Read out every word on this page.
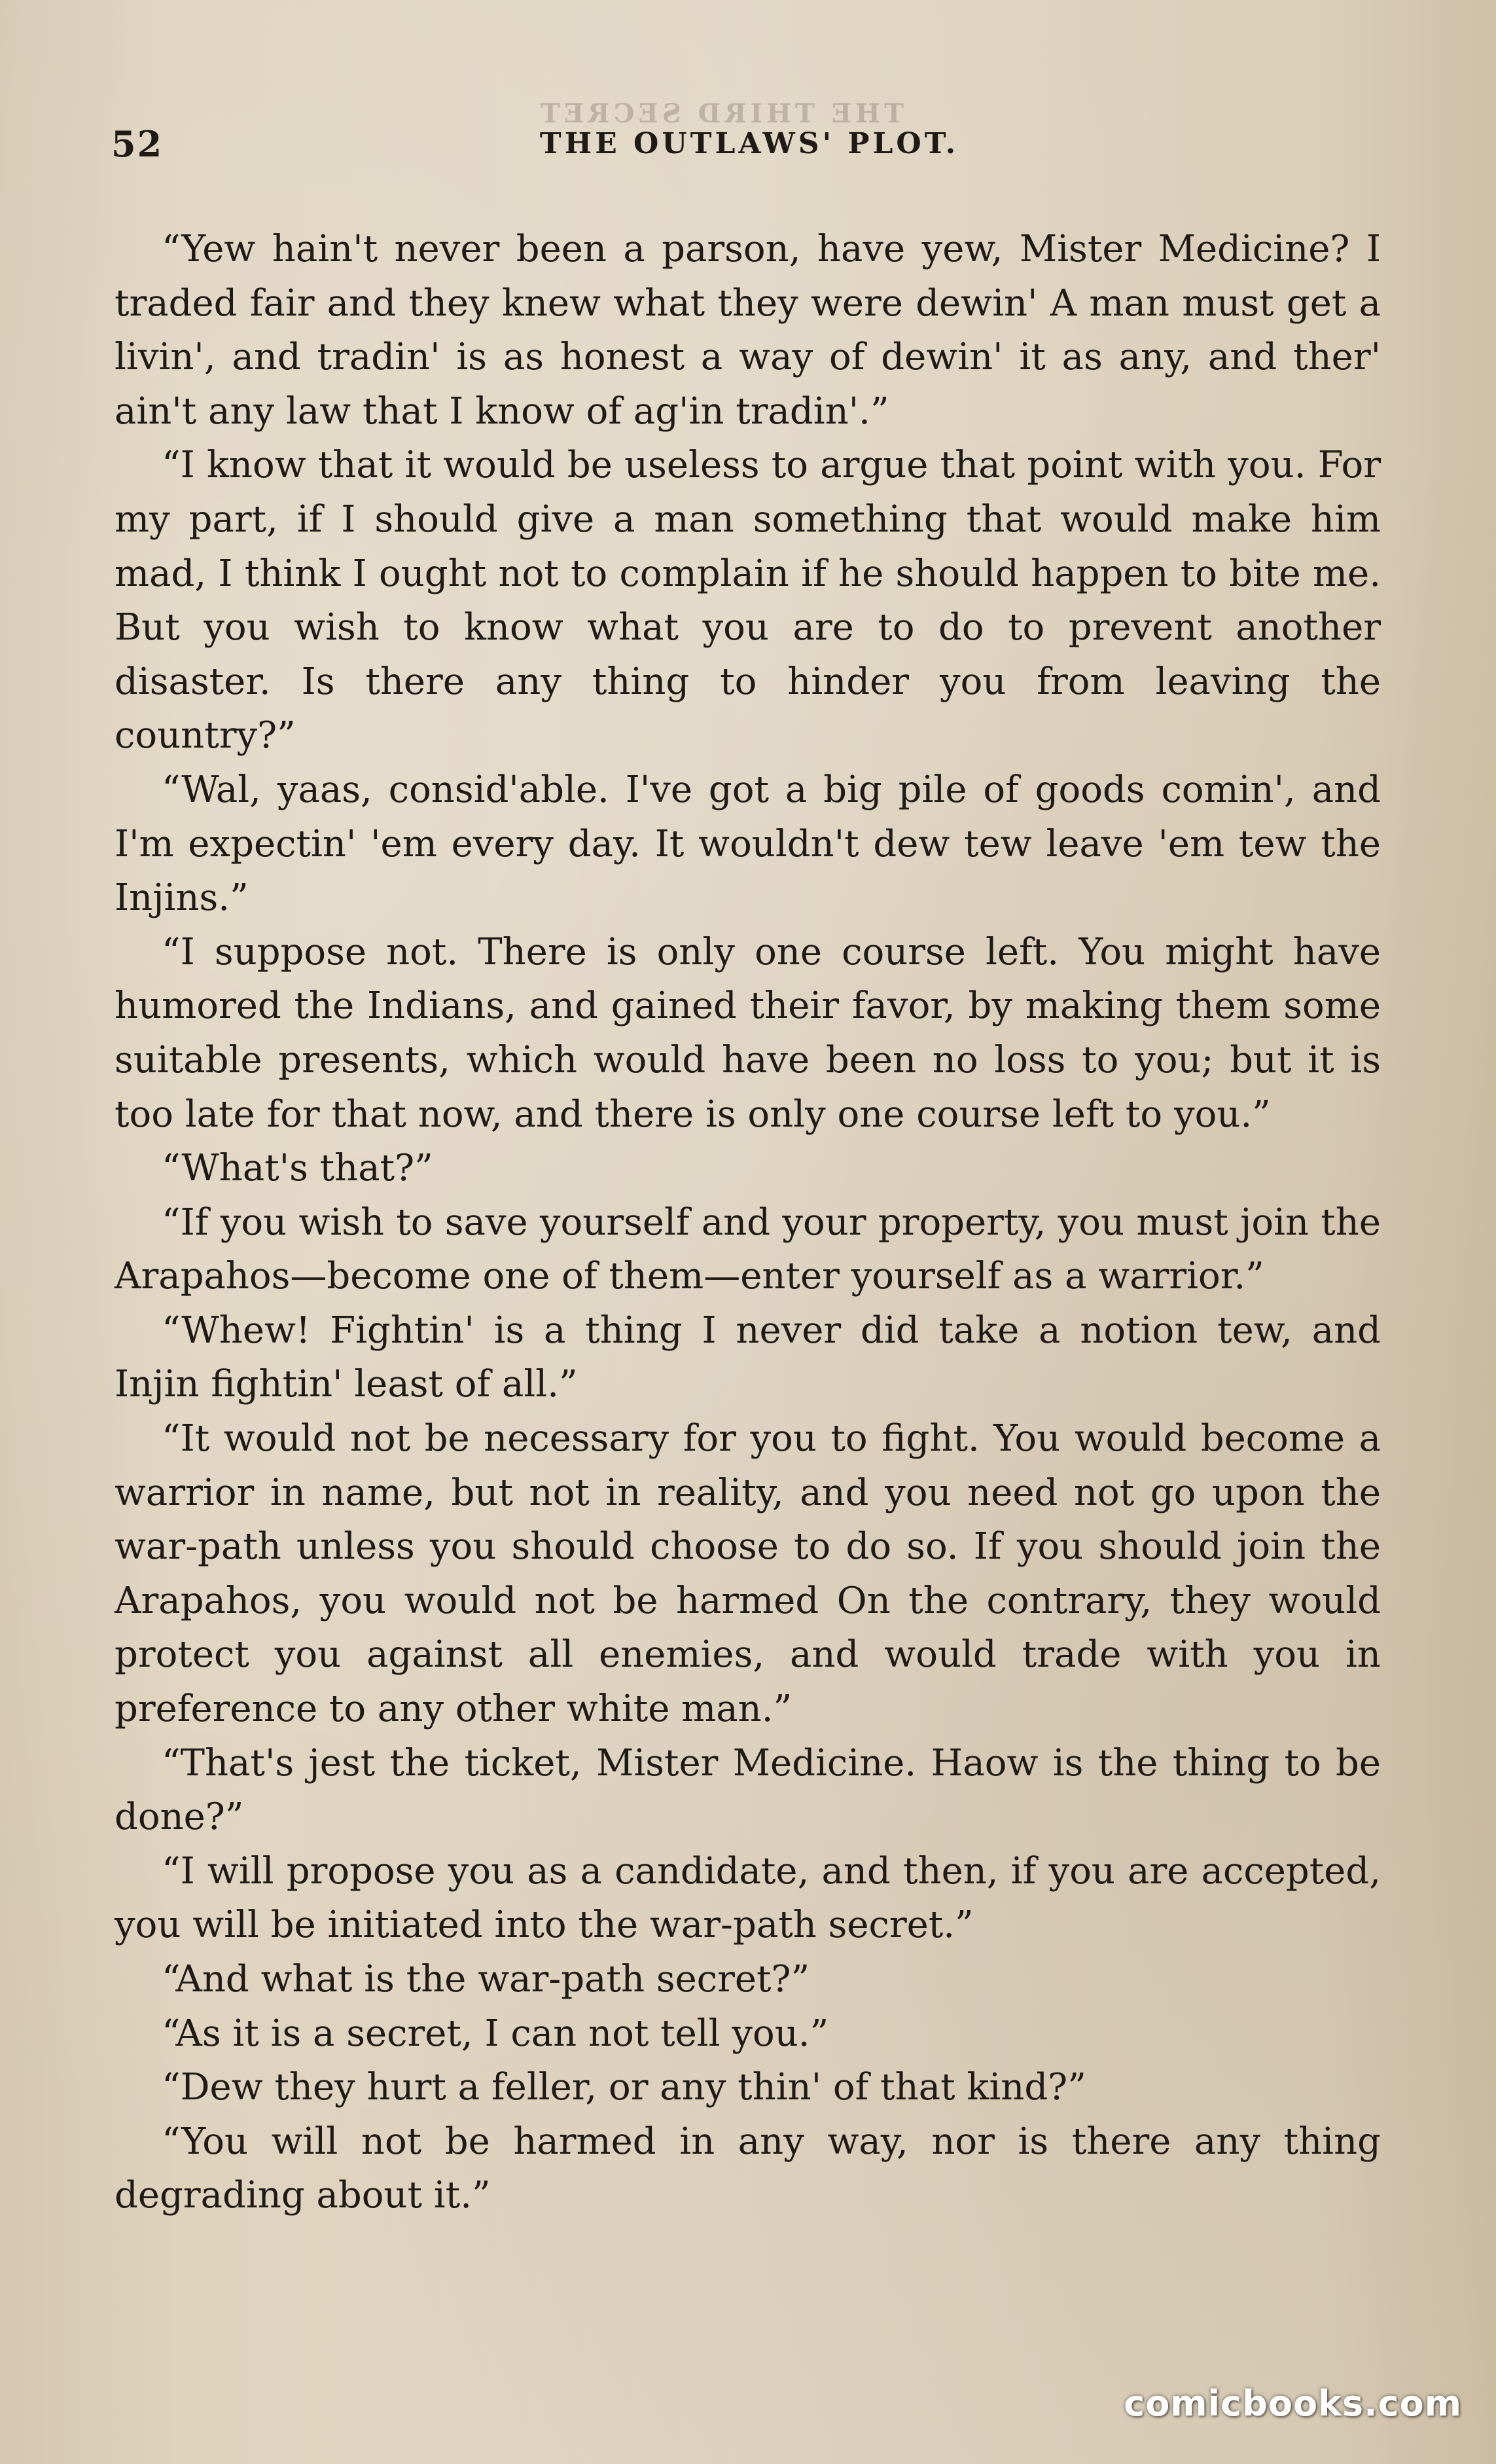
THE THIRD SECRET
52	THE OUTLAWS' PLOT.

“Yew hain't never been a parson, have yew, Mister Medicine? I traded fair and they knew what they were dewin' A man must get a livin', and tradin' is as honest a way of dewin' it as any, and ther' ain't any law that I know of ag'in tradin'.”

“I know that it would be useless to argue that point with you. For my part, if I should give a man something that would make him mad, I think I ought not to complain if he should happen to bite me. But you wish to know what you are to do to prevent another disaster. Is there any thing to hinder you from leaving the country?”

“Wal, yaas, consid'able. I've got a big pile of goods comin', and I'm expectin' 'em every day. It wouldn't dew tew leave 'em tew the Injins.”

“I suppose not. There is only one course left. You might have humored the Indians, and gained their favor, by making them some suitable presents, which would have been no loss to you; but it is too late for that now, and there is only one course left to you.”

“What's that?”

“If you wish to save yourself and your property, you must join the Arapahos—become one of them—enter yourself as a warrior.”

“Whew! Fightin' is a thing I never did take a notion tew, and Injin fightin' least of all.”

“It would not be necessary for you to fight. You would become a warrior in name, but not in reality, and you need not go upon the war-path unless you should choose to do so. If you should join the Arapahos, you would not be harmed On the contrary, they would protect you against all enemies, and would trade with you in preference to any other white man.”

“That's jest the ticket, Mister Medicine. Haow is the thing to be done?”

“I will propose you as a candidate, and then, if you are accepted, you will be initiated into the war-path secret.”

“And what is the war-path secret?”

“As it is a secret, I can not tell you.”

“Dew they hurt a feller, or any thin' of that kind?”

“You will not be harmed in any way, nor is there any thing degrading about it.”

comicbooks.com
